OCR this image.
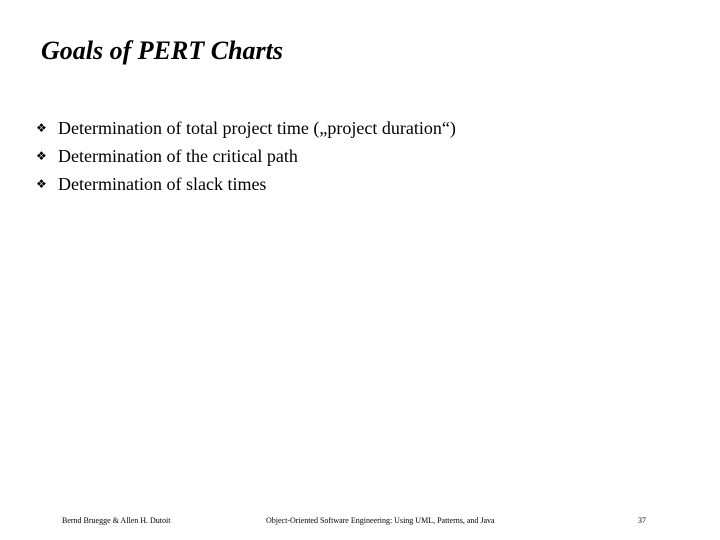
Goals of PERT Charts
❖ Determination of total project time („project duration“)
❖ Determination of the critical path
❖ Determination of slack times
Bernd Bruegge & Allen H. Dutoit	Object-Oriented Software Engineering: Using UML, Patterns, and Java	37
